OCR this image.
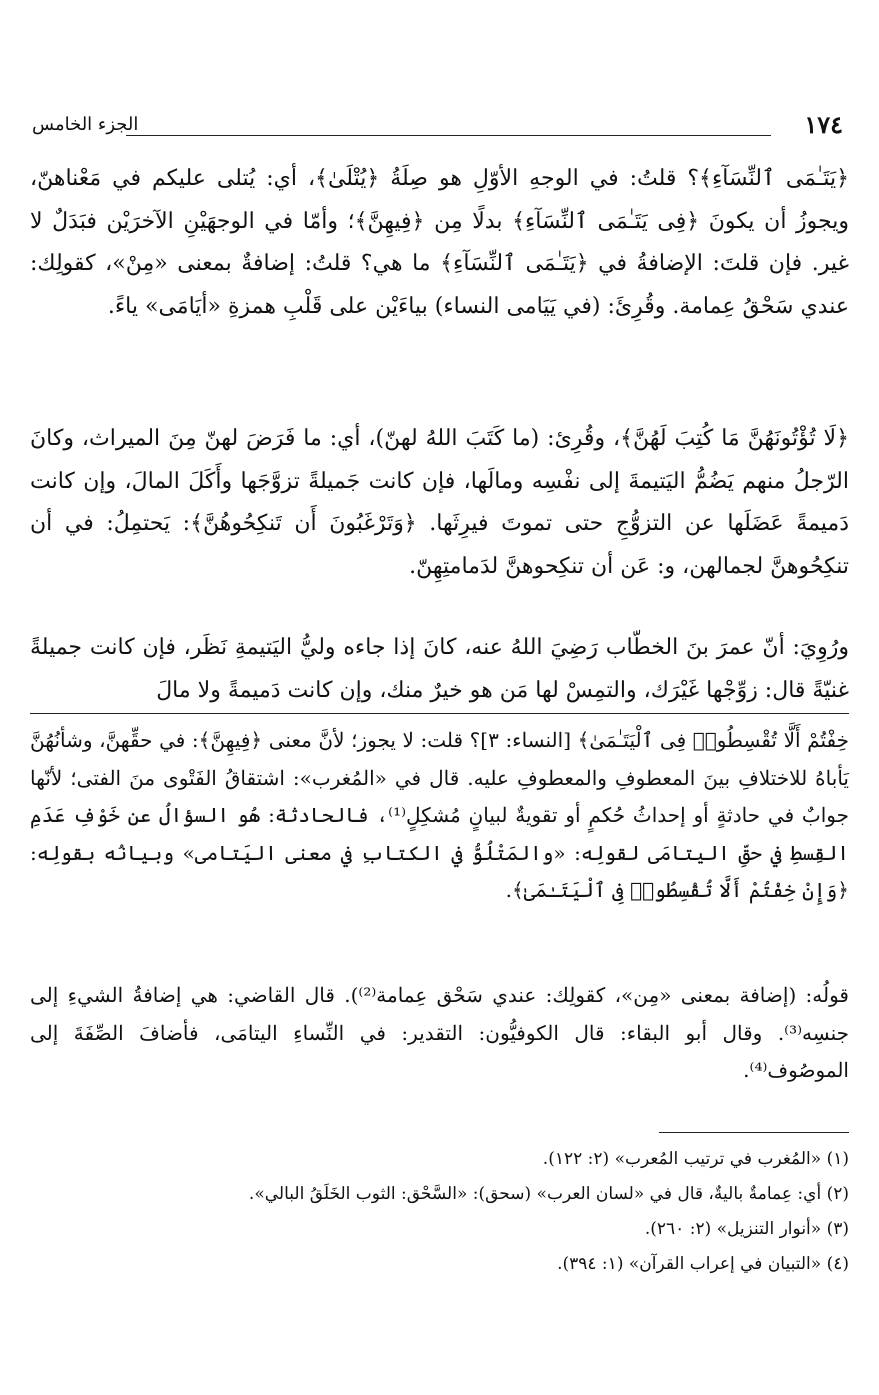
١٧٤
الجزء الخامس

﴿يَتَـٰمَى ٱلنِّسَآءِ﴾؟ قلتُ: في الوجهِ الأوّلِ هو صِلَةُ ﴿يُتْلَىٰ﴾، أي: يُتلى عليكم في مَعْناهنّ، ويجوزُ أن يكونَ ﴿فِى يَتَـٰمَى ٱلنِّسَآءِ﴾ بدلًا مِن ﴿فِيهِنَّ﴾؛ وأمّا في الوجهَيْنِ الآخرَيْن فبَدَلٌ لا غير. فإن قلتَ: الإضافةُ في ﴿يَتَـٰمَى ٱلنِّسَآءِ﴾ ما هي؟ قلتُ: إضافةٌ بمعنى «مِنْ»، كقولِك: عندي سَحْقُ عِمامة. وقُرِئَ: (في يَيَامى النساء) بياءَيْن على قَلْبِ همزةِ «أيَامَى» ياءً.

﴿لَا تُؤْتُونَهُنَّ مَا كُتِبَ لَهُنَّ﴾، وقُرِئ: (ما كَتَبَ اللهُ لهنّ)، أي: ما فَرَضَ لهنّ مِنَ الميراث، وكانَ الرّجلُ منهم يَضُمُّ اليَتيمةَ إلى نفْسِه ومالَها، فإن كانت جَميلةً تزوَّجَها وأَكَلَ المالَ، وإن كانت دَميمةً عَضَلَها عن التزوُّجِ حتى تموتَ فيرِثَها. ﴿وَتَرْغَبُونَ أَن تَنكِحُوهُنَّ﴾: يَحتمِلُ: في أن تنكِحُوهنَّ لجمالهن، و: عَن أن تنكِحوهنَّ لدَمامتِهِنّ.

ورُوِيَ: أنّ عمرَ بنَ الخطّاب رَضِيَ اللهُ عنه، كانَ إذا جاءه وليُّ اليَتيمةِ نَظَر، فإن كانت جميلةً غنيّةً قال: زوِّجْها غَيْرَك، والتمِسْ لها مَن هو خيرٌ منك، وإن كانت دَميمةً ولا مالَ

خِفْتُمْ أَلَّا تُقْسِطُوا۟ فِى ٱلْيَتَـٰمَىٰ﴾ [النساء: ٣]؟ قلت: لا يجوز؛ لأنَّ معنى ﴿فِيهِنَّ﴾: في حقِّهنَّ، وشأنُهُنَّ يَأباهُ للاختلافِ بينَ المعطوفِ والمعطوفِ عليه. قال في «المُغرب»: اشتقاقُ الفَتْوى منَ الفتى؛ لأنّها جوابٌ في حادثةٍ أو إحداثُ حُكمٍ أو تقويةٌ لبيانٍ مُشكِلٍ⁽¹⁾، فالحادثة: هُو السؤالُ عن خَوْفِ عَدَمِ القِسطِ في حقِّ اليتامَى لقولِه: «والمَتْلُوُّ في الكتابِ في معنى اليَتامى» وبيانُه بقولِه: ﴿وَإِنْ خِفْتُمْ أَلَّا تُقْسِطُوا۟ فِى ٱلْيَتَـٰمَىٰ﴾.

قولُه: (إضافة بمعنى «مِن»، كقولِك: عندي سَحْق عِمامة⁽²⁾). قال القاضي: هي إضافةُ الشيءِ إلى جنسِه⁽³⁾. وقال أبو البقاء: قال الكوفيُّون: التقدير: في النِّساءِ اليتامَى، فأضافَ الصِّفَةَ إلى الموصُوف⁽⁴⁾.

(١) «المُغرب في ترتيب المُعرب» (٢: ١٢٢).
(٢) أي: عِمامةٌ باليةٌ، قال في «لسان العرب» (سحق): «السَّحْق: الثوب الخَلَقُ البالي».
(٣) «أنوار التنزيل» (٢: ٢٦٠).
(٤) «التبيان في إعراب القرآن» (١: ٣٩٤).
